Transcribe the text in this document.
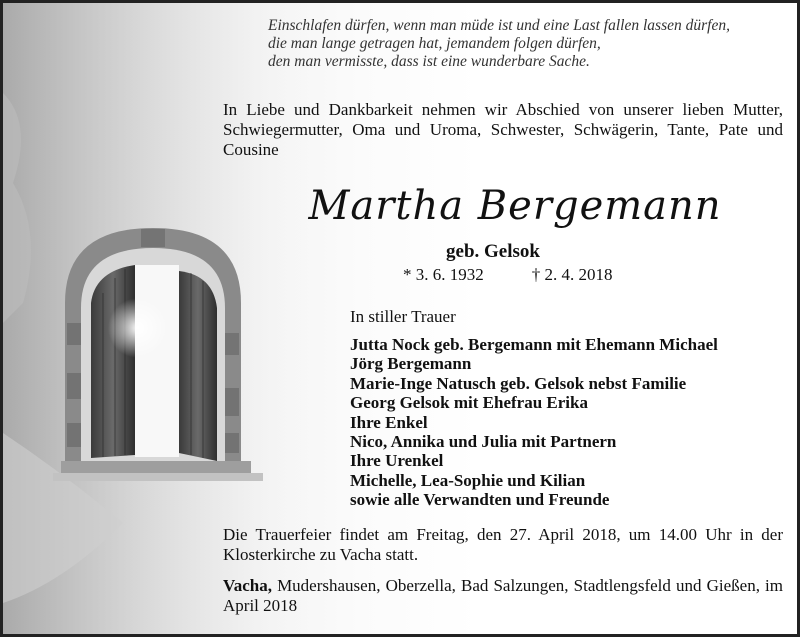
Einschlafen dürfen, wenn man müde ist und eine Last fallen lassen dürfen,
die man lange getragen hat, jemandem folgen dürfen,
den man vermisste, dass ist eine wunderbare Sache.
In Liebe und Dankbarkeit nehmen wir Abschied von unserer lieben Mutter, Schwiegermutter, Oma und Uroma, Schwester, Schwägerin, Tante, Pate und Cousine
Martha Bergemann
geb. Gelsok
* 3. 6. 1932	† 2. 4. 2018
In stiller Trauer
Jutta Nock geb. Bergemann mit Ehemann Michael
Jörg Bergemann
Marie-Inge Natusch geb. Gelsok nebst Familie
Georg Gelsok mit Ehefrau Erika
Ihre Enkel
Nico, Annika und Julia mit Partnern
Ihre Urenkel
Michelle, Lea-Sophie und Kilian
sowie alle Verwandten und Freunde
Die Trauerfeier findet am Freitag, den 27. April 2018, um 14.00 Uhr in der Klosterkirche zu Vacha statt.
Vacha, Mudershausen, Oberzella, Bad Salzungen, Stadtlengsfeld und Gießen, im April 2018
